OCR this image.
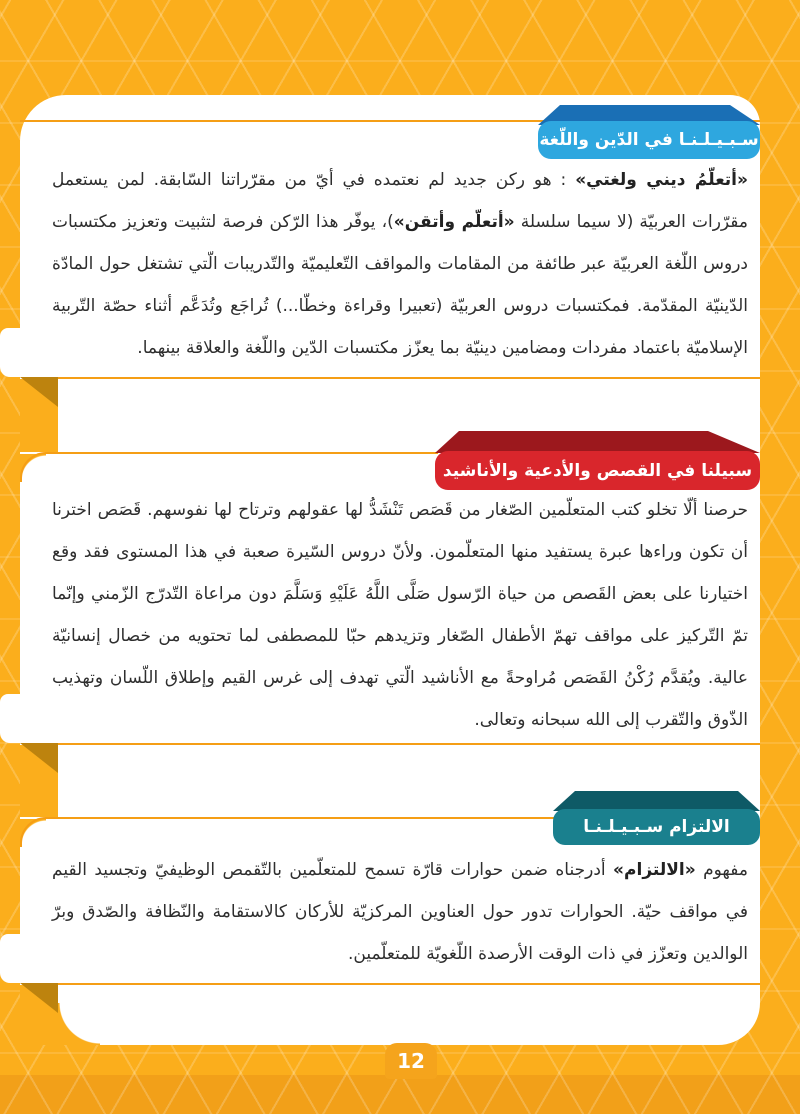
سـبـيـلـنـا في الدّين واللّغة
سبيلنا في القصص والأدعية والأناشيد
الالتزام سـبـيـلـنـا
«أتعلّمُ ديني ولغتي» : هو ركن جديد لم نعتمده في أيّ من مقرّراتنا السّابقة. لمن يستعمل مقرّرات العربيّة (لا سيما سلسلة «أتعلّم وأتقن»)، يوفّر هذا الرّكن فرصة لتثبيت وتعزيز مكتسبات دروس اللّغة العربيّة عبر طائفة من المقامات والمواقف التّعليميّة والتّدريبات الّتي تشتغل حول المادّة الدّينيّة المقدّمة. فمكتسبات دروس العربيّة (تعبيرا وقراءة وخطّا...) تُراجَع وتُدَعَّم أثناء حصّة التّربية الإسلاميّة باعتماد مفردات ومضامين دينيّة بما يعزّز مكتسبات الدّين واللّغة والعلاقة بينهما.
حرصنا ألّا تخلو كتب المتعلّمين الصّغار من قَصَص تَنْشَدُّ لها عقولهم وترتاح لها نفوسهم. قَصَص اخترنا أن تكون وراءها عبرة يستفيد منها المتعلّمون. ولأنّ دروس السّيرة صعبة في هذا المستوى فقد وقع اختيارنا على بعض القَصص من حياة الرّسول صَلَّى اللَّهُ عَلَيْهِ وَسَلَّمَ دون مراعاة التّدرّج الزّمني وإنّما تمّ التّركيز على مواقف تهمّ الأطفال الصّغار وتزيدهم حبّا للمصطفى لما تحتويه من خصال إنسانيّة عالية. ويُقدَّم رُكْنُ القَصَص مُراوحةً مع الأناشيد الّتي تهدف إلى غرس القيم وإطلاق اللّسان وتهذيب الذّوق والتّقرب إلى الله سبحانه وتعالى.
مفهوم «الالتزام» أدرجناه ضمن حوارات قارّة تسمح للمتعلّمين بالتّقمص الوظيفيّ وتجسيد القيم في مواقف حيّة. الحوارات تدور حول العناوين المركزيّة للأركان كالاستقامة والنّظافة والصّدق وبرّ الوالدين وتعزّز في ذات الوقت الأرصدة اللّغويّة للمتعلّمين.
12
